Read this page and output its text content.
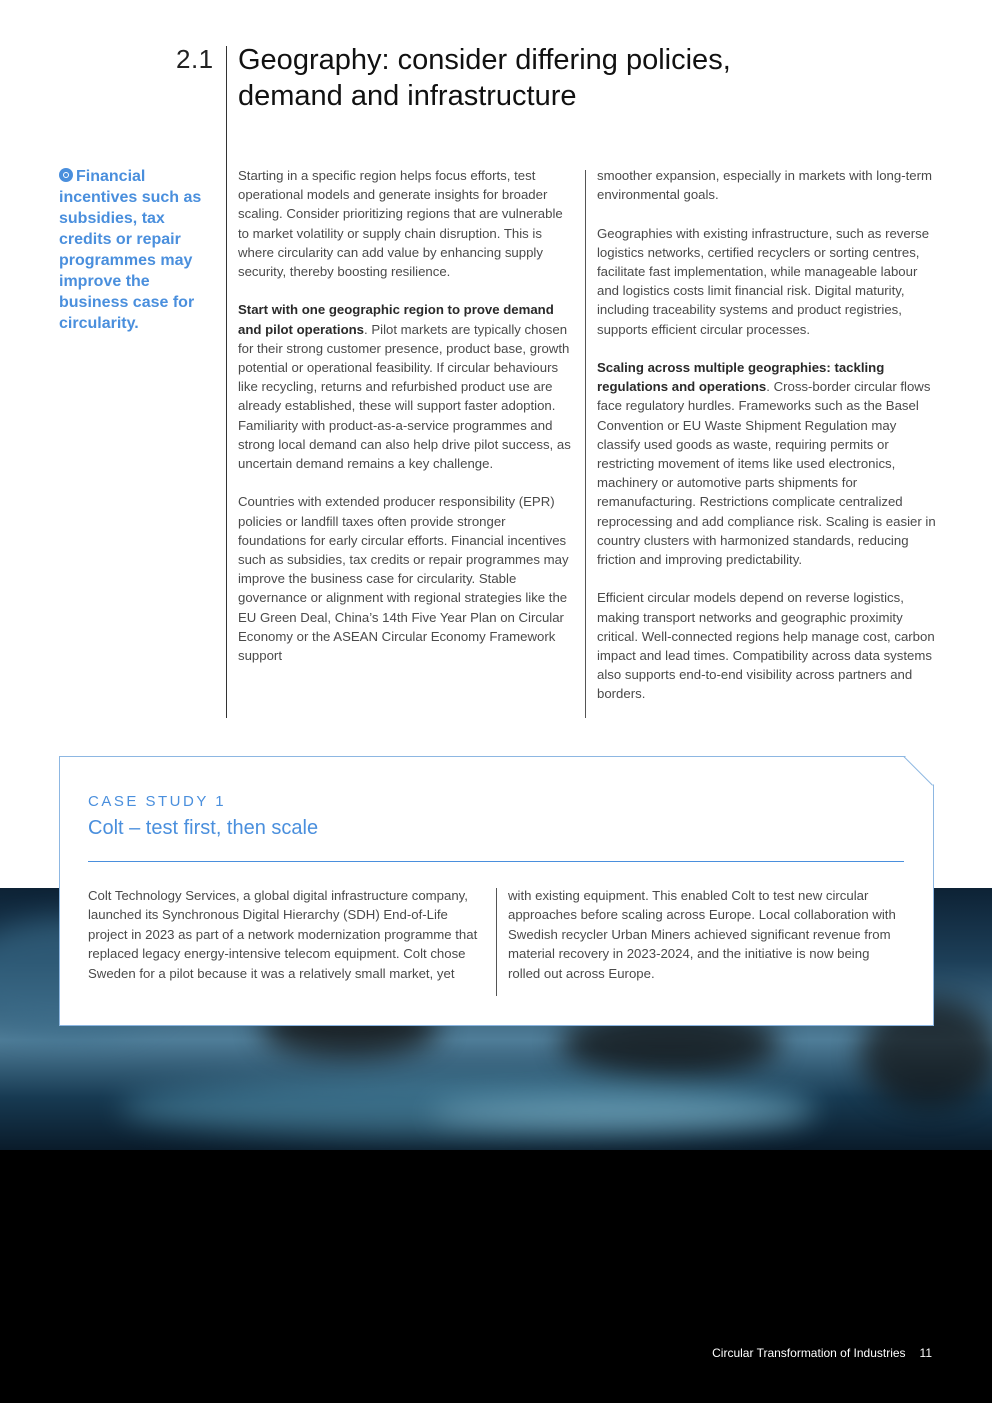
2.1 Geography: consider differing policies,
demand and infrastructure
Financial incentives such as subsidies, tax credits or repair programmes may improve the business case for circularity.

Starting in a specific region helps focus efforts, test operational models and generate insights for broader scaling. Consider prioritizing regions that are vulnerable to market volatility or supply chain disruption. This is where circularity can add value by enhancing supply security, thereby boosting resilience.

Start with one geographic region to prove demand and pilot operations. Pilot markets are typically chosen for their strong customer presence, product base, growth potential or operational feasibility. If circular behaviours like recycling, returns and refurbished product use are already established, these will support faster adoption. Familiarity with product-as-a-service programmes and strong local demand can also help drive pilot success, as uncertain demand remains a key challenge.

Countries with extended producer responsibility (EPR) policies or landfill taxes often provide stronger foundations for early circular efforts. Financial incentives such as subsidies, tax credits or repair programmes may improve the business case for circularity. Stable governance or alignment with regional strategies like the EU Green Deal, China’s 14th Five Year Plan on Circular Economy or the ASEAN Circular Economy Framework support

smoother expansion, especially in markets with long-term environmental goals.

Geographies with existing infrastructure, such as reverse logistics networks, certified recyclers or sorting centres, facilitate fast implementation, while manageable labour and logistics costs limit financial risk. Digital maturity, including traceability systems and product registries, supports efficient circular processes.

Scaling across multiple geographies: tackling regulations and operations. Cross-border circular flows face regulatory hurdles. Frameworks such as the Basel Convention or EU Waste Shipment Regulation may classify used goods as waste, requiring permits or restricting movement of items like used electronics, machinery or automotive parts shipments for remanufacturing. Restrictions complicate centralized reprocessing and add compliance risk. Scaling is easier in country clusters with harmonized standards, reducing friction and improving predictability.

Efficient circular models depend on reverse logistics, making transport networks and geographic proximity critical. Well-connected regions help manage cost, carbon impact and lead times. Compatibility across data systems also supports end-to-end visibility across partners and borders.

CASE STUDY 1
Colt – test first, then scale

Colt Technology Services, a global digital infrastructure company, launched its Synchronous Digital Hierarchy (SDH) End-of-Life project in 2023 as part of a network modernization programme that replaced legacy energy-intensive telecom equipment. Colt chose Sweden for a pilot because it was a relatively small market, yet

with existing equipment. This enabled Colt to test new circular approaches before scaling across Europe. Local collaboration with Swedish recycler Urban Miners achieved significant revenue from material recovery in 2023-2024, and the initiative is now being rolled out across Europe.

Circular Transformation of Industries 11
